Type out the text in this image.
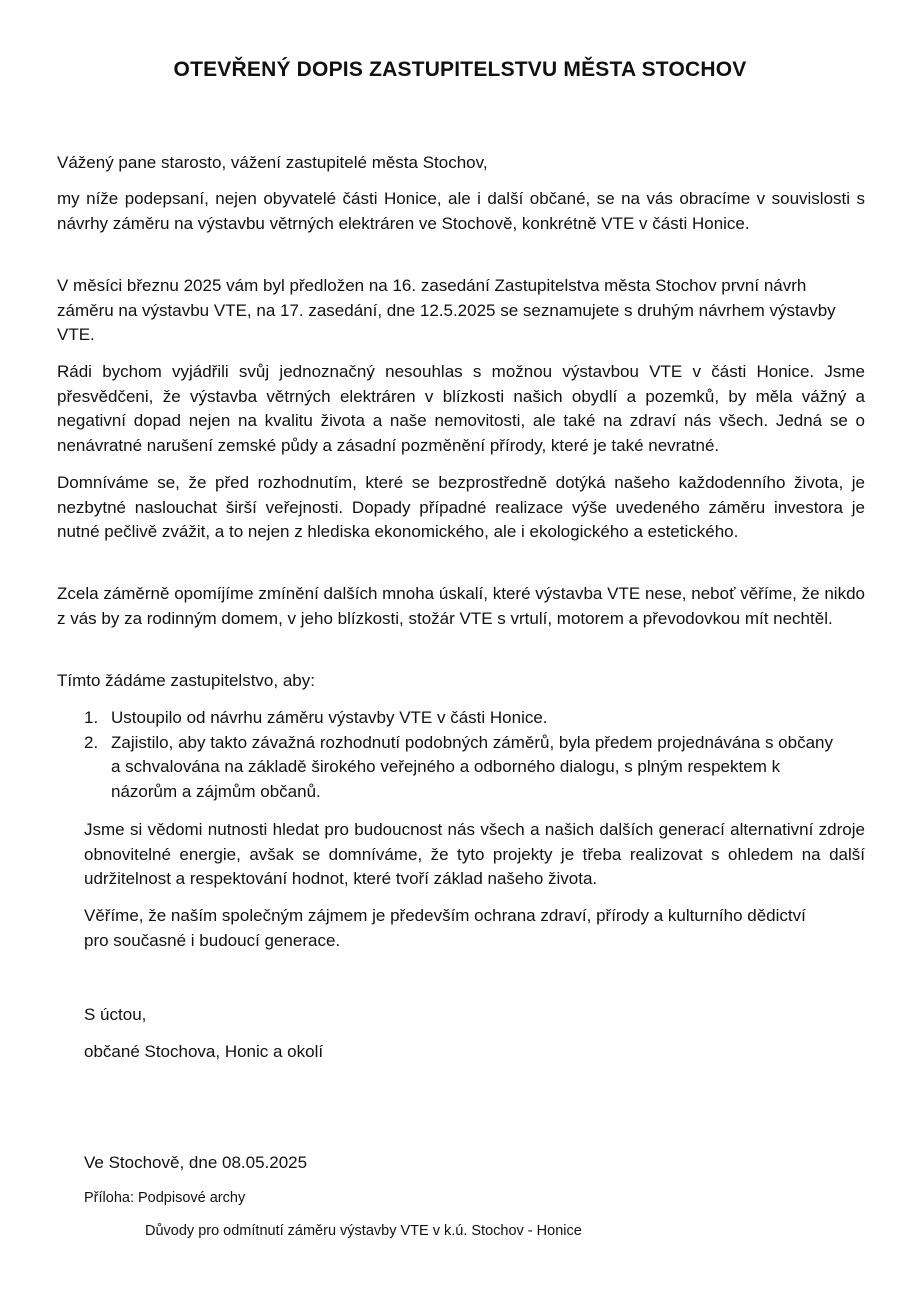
OTEVŘENÝ DOPIS ZASTUPITELSTVU MĚSTA STOCHOV

Vážený pane starosto, vážení zastupitelé města Stochov,

my níže podepsaní, nejen obyvatelé části Honice, ale i další občané, se na vás obracíme v souvislosti s návrhy záměru na výstavbu větrných elektráren ve Stochově, konkrétně VTE v části Honice.

V měsíci březnu 2025 vám byl předložen na 16. zasedání Zastupitelstva města Stochov první návrh záměru na výstavbu VTE, na 17. zasedání, dne 12.5.2025 se seznamujete s druhým návrhem výstavby VTE.

Rádi bychom vyjádřili svůj jednoznačný nesouhlas s možnou výstavbou VTE v části Honice. Jsme přesvědčeni, že výstavba větrných elektráren v blízkosti našich obydlí a pozemků, by měla vážný a negativní dopad nejen na kvalitu života a naše nemovitosti, ale také na zdraví nás všech. Jedná se o nenávratné narušení zemské půdy a zásadní pozměnění přírody, které je také nevratné.

Domníváme se, že před rozhodnutím, které se bezprostředně dotýká našeho každodenního života, je nezbytné naslouchat širší veřejnosti. Dopady případné realizace výše uvedeného záměru investora je nutné pečlivě zvážit, a to nejen z hlediska ekonomického, ale i ekologického a estetického.

Zcela záměrně opomíjíme zmínění dalších mnoha úskalí, které výstavba VTE nese, neboť věříme, že nikdo z vás by za rodinným domem, v jeho blízkosti, stožár VTE s vrtulí, motorem a převodovkou mít nechtěl.

Tímto žádáme zastupitelstvo, aby:

1. Ustoupilo od návrhu záměru výstavby VTE v části Honice.
2. Zajistilo, aby takto závažná rozhodnutí podobných záměrů, byla předem projednávána s občany a schvalována na základě širokého veřejného a odborného dialogu, s plným respektem k názorům a zájmům občanů.

Jsme si vědomi nutnosti hledat pro budoucnost nás všech a našich dalších generací alternativní zdroje obnovitelné energie, avšak se domníváme, že tyto projekty je třeba realizovat s ohledem na další udržitelnost a respektování hodnot, které tvoří základ našeho života.

Věříme, že naším společným zájmem je především ochrana zdraví, přírody a kulturního dědictví pro současné i budoucí generace.

S úctou,

občané Stochova, Honic a okolí

Ve Stochově, dne 08.05.2025

Příloha: Podpisové archy

Důvody pro odmítnutí záměru výstavby VTE v k.ú. Stochov - Honice
